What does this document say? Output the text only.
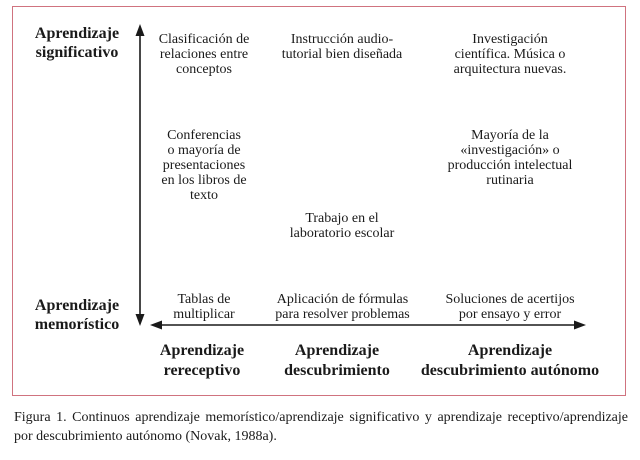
Aprendizaje
significativo
Aprendizaje
memorístico
Clasificación de
relaciones entre
conceptos
Instrucción audio-
tutorial bien diseñada
Investigación
científica. Música o
arquitectura nuevas.
Conferencias
o mayoría de
presentaciones
en los libros de
texto
Mayoría de la
«investigación» o
producción intelectual
rutinaria
Trabajo en el
laboratorio escolar
Tablas de
multiplicar
Aplicación de fórmulas
para resolver problemas
Soluciones de acertijos
por ensayo y error
Aprendizaje
rereceptivo
Aprendizaje
descubrimiento
Aprendizaje
descubrimiento autónomo
Figura 1. Continuos aprendizaje memorístico/aprendizaje significativo y aprendizaje receptivo/aprendizaje por descubrimiento autónomo (Novak, 1988a).
